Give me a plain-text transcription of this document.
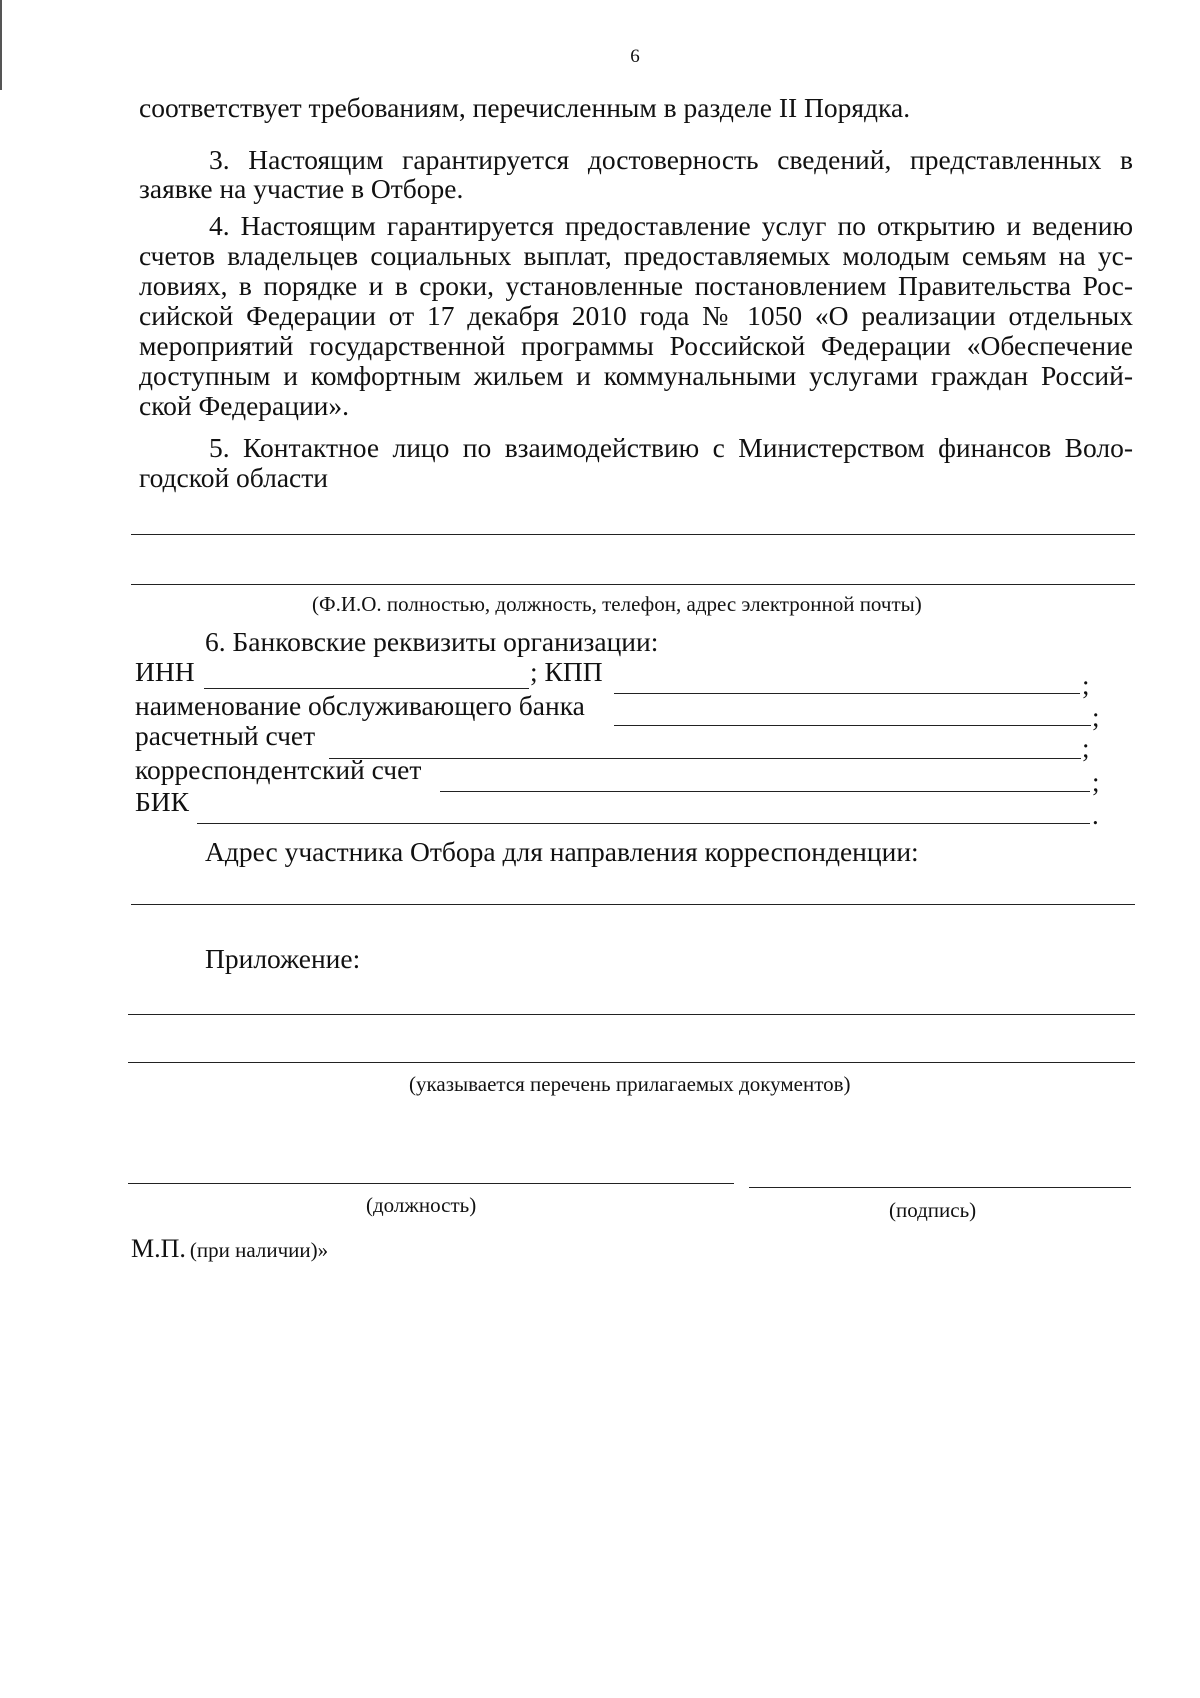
6
соответствует требованиям, перечисленным в разделе II Порядка.
3. Настоящим гарантируется достоверность сведений, представленных в
заявке на участие в Отборе.
4. Настоящим гарантируется предоставление услуг по открытию и ведению
счетов владельцев социальных выплат, предоставляемых молодым семьям на ус-
ловиях, в порядке и в сроки, установленные постановлением Правительства Рос-
сийской Федерации от 17 декабря 2010 года № 1050 «О реализации отдельных
мероприятий государственной программы Российской Федерации «Обеспечение
доступным и комфортным жильем и коммунальными услугами граждан Россий-
ской Федерации».
5. Контактное лицо по взаимодействию с Министерством финансов Воло-
годской области
(Ф.И.О. полностью, должность, телефон, адрес электронной почты)
6. Банковские реквизиты организации:
ИНН	; КПП	;
наименование обслуживающего банка	;
расчетный счет	;
корреспондентский счет	;
БИК	.
Адрес участника Отбора для направления корреспонденции:
Приложение:
(указывается перечень прилагаемых документов)
(должность)	(подпись)
М.П. (при наличии)»
